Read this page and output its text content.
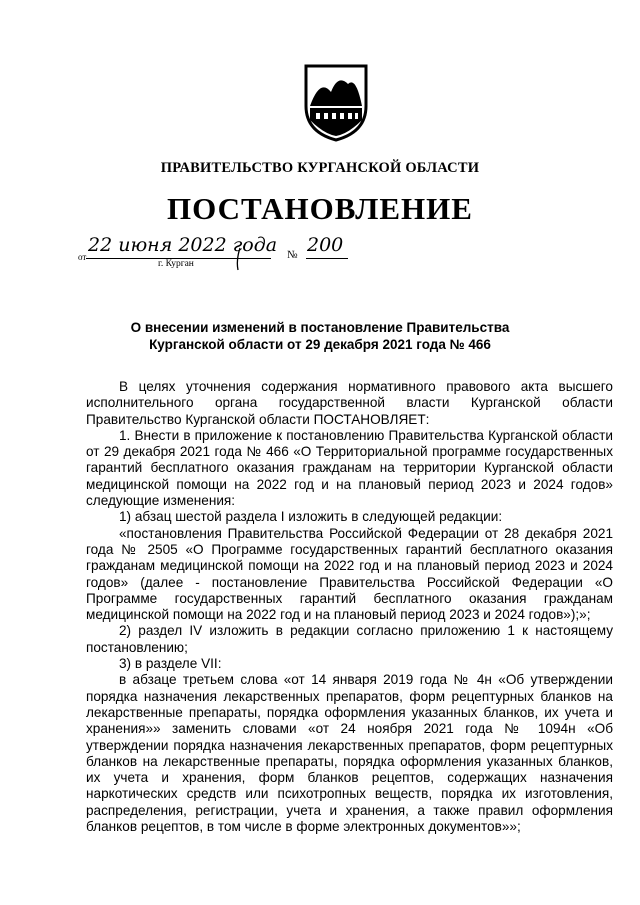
ПРАВИТЕЛЬСТВО КУРГАНСКОЙ ОБЛАСТИ
ПОСТАНОВЛЕНИЕ
от
22 июня 2022 года № 200
г. Курган
О внесении изменений в постановление Правительства
Курганской области от 29 декабря 2021 года № 466

В целях уточнения содержания нормативного правового акта высшего исполнительного органа государственной власти Курганской области Правительство Курганской области ПОСТАНОВЛЯЕТ:

1. Внести в приложение к постановлению Правительства Курганской области от 29 декабря 2021 года № 466 «О Территориальной программе государственных гарантий бесплатного оказания гражданам на территории Курганской области медицинской помощи на 2022 год и на плановый период 2023 и 2024 годов» следующие изменения:

1) абзац шестой раздела I изложить в следующей редакции:

«постановления Правительства Российской Федерации от 28 декабря 2021 года № 2505 «О Программе государственных гарантий бесплатного оказания гражданам медицинской помощи на 2022 год и на плановый период 2023 и 2024 годов» (далее - постановление Правительства Российской Федерации «О Программе государственных гарантий бесплатного оказания гражданам медицинской помощи на 2022 год и на плановый период 2023 и 2024 годов»);»;

2) раздел IV изложить в редакции согласно приложению 1 к настоящему постановлению;

3) в разделе VII:

в абзаце третьем слова «от 14 января 2019 года № 4н «Об утверждении порядка назначения лекарственных препаратов, форм рецептурных бланков на лекарственные препараты, порядка оформления указанных бланков, их учета и хранения»» заменить словами «от 24 ноября 2021 года № 1094н «Об утверждении порядка назначения лекарственных препаратов, форм рецептурных бланков на лекарственные препараты, порядка оформления указанных бланков, их учета и хранения, форм бланков рецептов, содержащих назначения наркотических средств или психотропных веществ, порядка их изготовления, распределения, регистрации, учета и хранения, а также правил оформления бланков рецептов, в том числе в форме электронных документов»»;
